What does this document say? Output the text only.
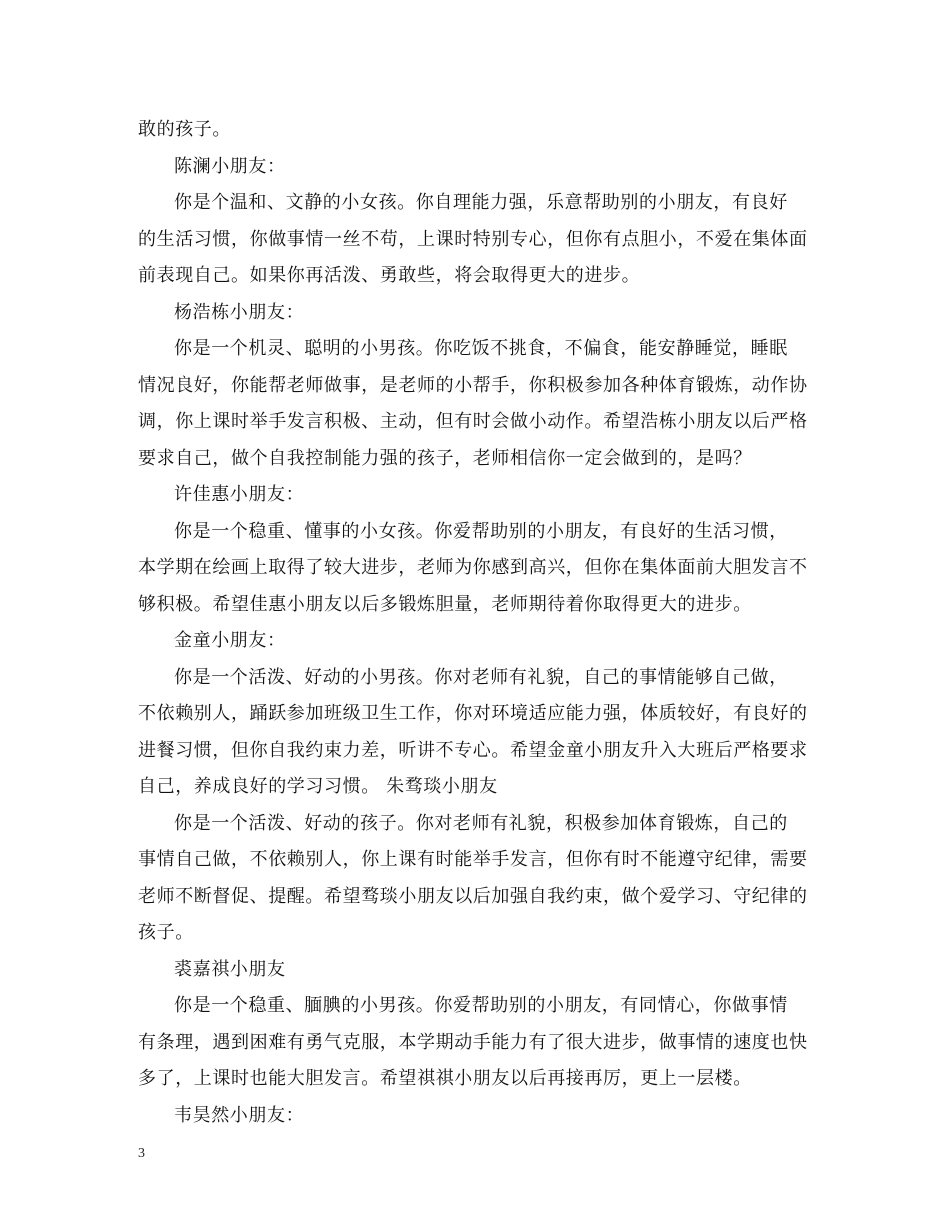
敢的孩子。
陈澜小朋友：
你是个温和、文静的小女孩。你自理能力强，乐意帮助别的小朋友，有良好
的生活习惯，你做事情一丝不苟，上课时特别专心，但你有点胆小，不爱在集体面
前表现自己。如果你再活泼、勇敢些，将会取得更大的进步。
杨浩栋小朋友：
你是一个机灵、聪明的小男孩。你吃饭不挑食，不偏食，能安静睡觉，睡眠
情况良好，你能帮老师做事，是老师的小帮手，你积极参加各种体育锻炼，动作协
调，你上课时举手发言积极、主动，但有时会做小动作。希望浩栋小朋友以后严格
要求自己，做个自我控制能力强的孩子，老师相信你一定会做到的，是吗？
许佳惠小朋友：
你是一个稳重、懂事的小女孩。你爱帮助别的小朋友，有良好的生活习惯，
本学期在绘画上取得了较大进步，老师为你感到高兴，但你在集体面前大胆发言不
够积极。希望佳惠小朋友以后多锻炼胆量，老师期待着你取得更大的进步。
金童小朋友：
你是一个活泼、好动的小男孩。你对老师有礼貌，自己的事情能够自己做，
不依赖别人，踊跃参加班级卫生工作，你对环境适应能力强，体质较好，有良好的
进餐习惯，但你自我约束力差，听讲不专心。希望金童小朋友升入大班后严格要求
自己，养成良好的学习习惯。 朱骛琰小朋友
你是一个活泼、好动的孩子。你对老师有礼貌，积极参加体育锻炼，自己的
事情自己做，不依赖别人，你上课有时能举手发言，但你有时不能遵守纪律，需要
老师不断督促、提醒。希望骛琰小朋友以后加强自我约束，做个爱学习、守纪律的
孩子。
裘嘉祺小朋友
你是一个稳重、腼腆的小男孩。你爱帮助别的小朋友，有同情心，你做事情
有条理，遇到困难有勇气克服，本学期动手能力有了很大进步，做事情的速度也快
多了，上课时也能大胆发言。希望祺祺小朋友以后再接再厉，更上一层楼。
韦昊然小朋友：
3
